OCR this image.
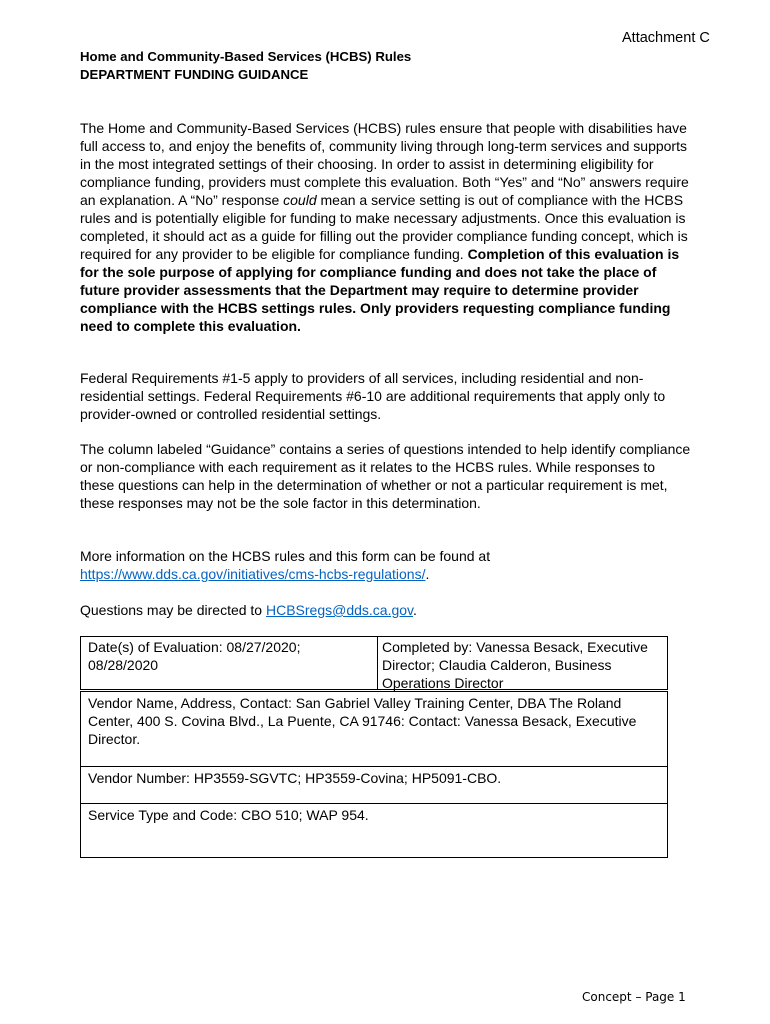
Attachment C
Home and Community-Based Services (HCBS) Rules
DEPARTMENT FUNDING GUIDANCE
The Home and Community-Based Services (HCBS) rules ensure that people with disabilities have full access to, and enjoy the benefits of, community living through long-term services and supports in the most integrated settings of their choosing. In order to assist in determining eligibility for compliance funding, providers must complete this evaluation. Both “Yes” and “No” answers require an explanation. A “No” response could mean a service setting is out of compliance with the HCBS rules and is potentially eligible for funding to make necessary adjustments. Once this evaluation is completed, it should act as a guide for filling out the provider compliance funding concept, which is required for any provider to be eligible for compliance funding. Completion of this evaluation is for the sole purpose of applying for compliance funding and does not take the place of future provider assessments that the Department may require to determine provider compliance with the HCBS settings rules. Only providers requesting compliance funding need to complete this evaluation.
Federal Requirements #1-5 apply to providers of all services, including residential and non-residential settings. Federal Requirements #6-10 are additional requirements that apply only to provider-owned or controlled residential settings.
The column labeled “Guidance” contains a series of questions intended to help identify compliance or non-compliance with each requirement as it relates to the HCBS rules. While responses to these questions can help in the determination of whether or not a particular requirement is met, these responses may not be the sole factor in this determination.
More information on the HCBS rules and this form can be found at
https://www.dds.ca.gov/initiatives/cms-hcbs-regulations/.
Questions may be directed to HCBSregs@dds.ca.gov.
Date(s) of Evaluation: 08/27/2020; 08/28/2020
Completed by: Vanessa Besack, Executive
Director; Claudia Calderon, Business
Operations Director
Vendor Name, Address, Contact: San Gabriel Valley Training Center, DBA The Roland Center, 400 S. Covina Blvd., La Puente, CA 91746: Contact: Vanessa Besack, Executive Director.
Vendor Number: HP3559-SGVTC; HP3559-Covina; HP5091-CBO.
Service Type and Code: CBO 510; WAP 954.
Concept – Page 1
